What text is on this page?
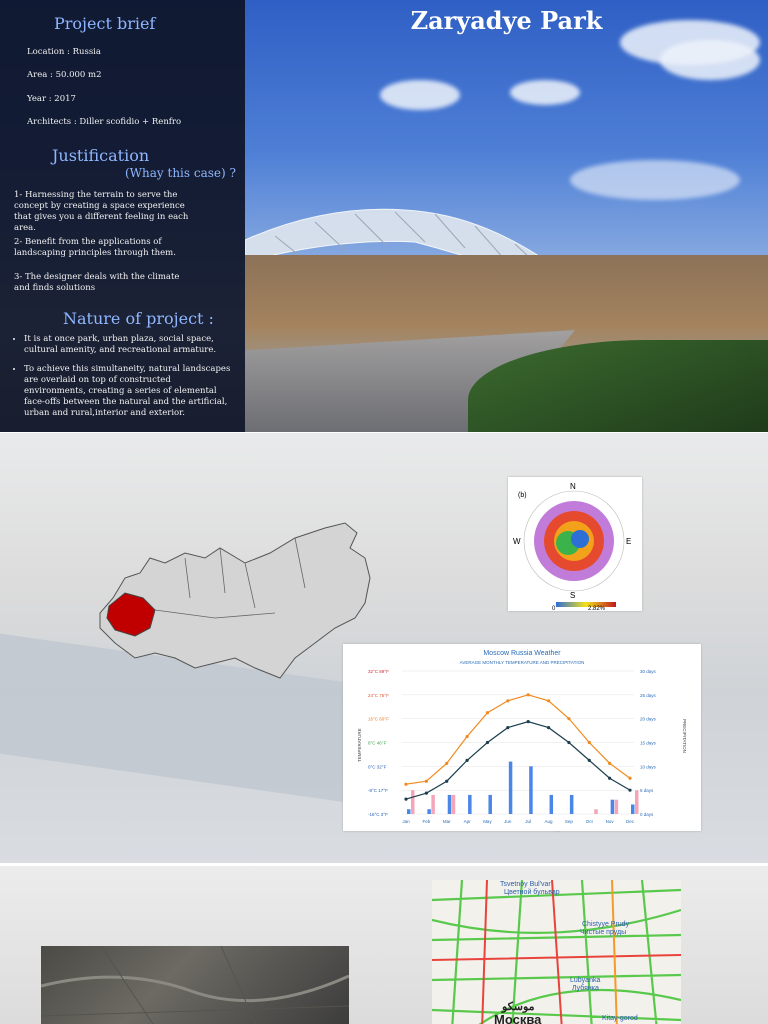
Zaryadye Park
Project brief
Location : Russia
Area : 50.000 m2
Year : 2017
Architects : Diller scofidio + Renfro
Justification
(Whay this case) ?
1- Harnessing the terrain to serve the concept by creating a space experience that gives you a different feeling in each area.
2- Benefit from the applications of landscaping principles through them.
3- The designer deals with the climate and finds solutions
Nature of project :
• It is at once park, urban plaza, social space, cultural amenity, and recreational armature.
• To achieve this simultaneity, natural landscapes are overlaid on top of constructed environments, creating a series of elemental face-offs between the natural and the artificial, urban and rural,interior and exterior.
(b)
N
S
E
W
0	2.82%
Moscow Russia Weather
AVERAGE MONTHLY TEMPERATURE AND PRECIPITATION
TEMPERATURE	PRECIPITATION
32°C 89°F
24°C 75°F
16°C 60°F
8°C 46°F
0°C 32°F
-8°C 17°F
-16°C 3°F
30 days
25 days
20 days
15 days
10 days
5 days
0 days
Jan	Feb	Mar	Apr	May	Jun	Jul	Aug	Sep	Oct	Nov	Dec
Tsvetnoy Bul'var
Цветной бульвар
Chistyye Prudy
Чистые пруды
Lubyanka
Лубянка
Kitay-gorod
Москва
موسكو
